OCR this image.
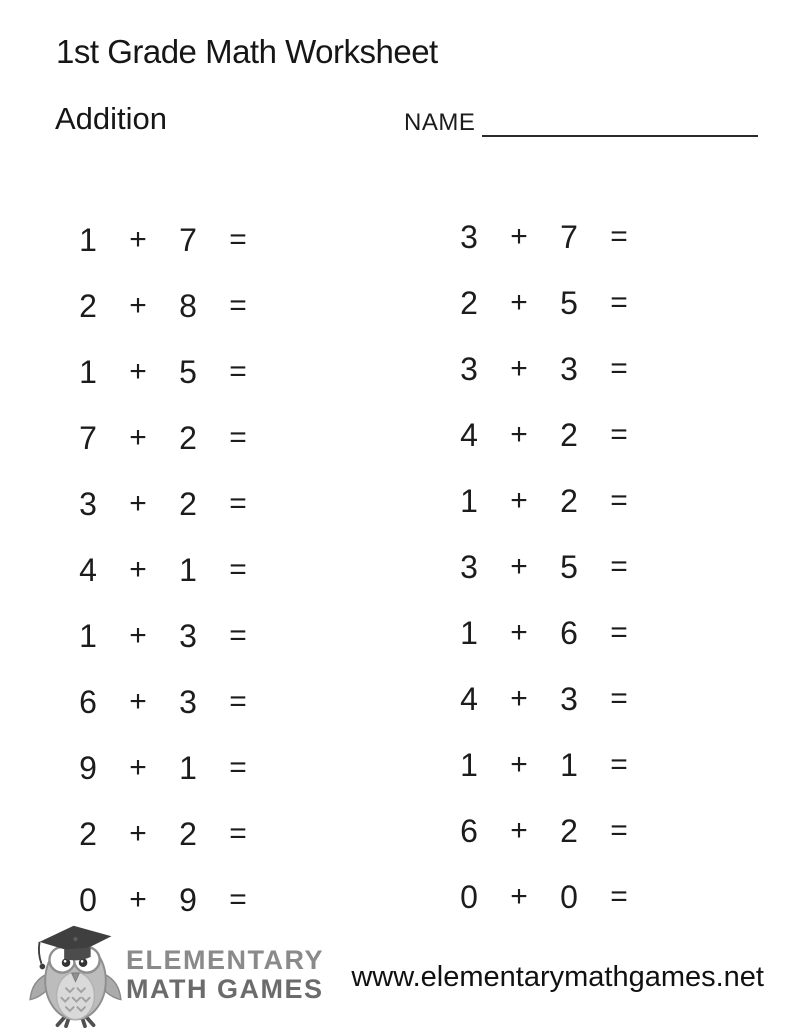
1st Grade Math Worksheet
Addition	NAME
1	+	7	=
2	+	8	=
1	+	5	=
7	+	2	=
3	+	2	=
4	+	1	=
1	+	3	=
6	+	3	=
9	+	1	=
2	+	2	=
0	+	9	=
3	+	7	=
2	+	5	=
3	+	3	=
4	+	2	=
1	+	2	=
3	+	5	=
1	+	6	=
4	+	3	=
1	+	1	=
6	+	2	=
0	+	0	=
ELEMENTARY
MATH GAMES www.elementarymathgames.net
